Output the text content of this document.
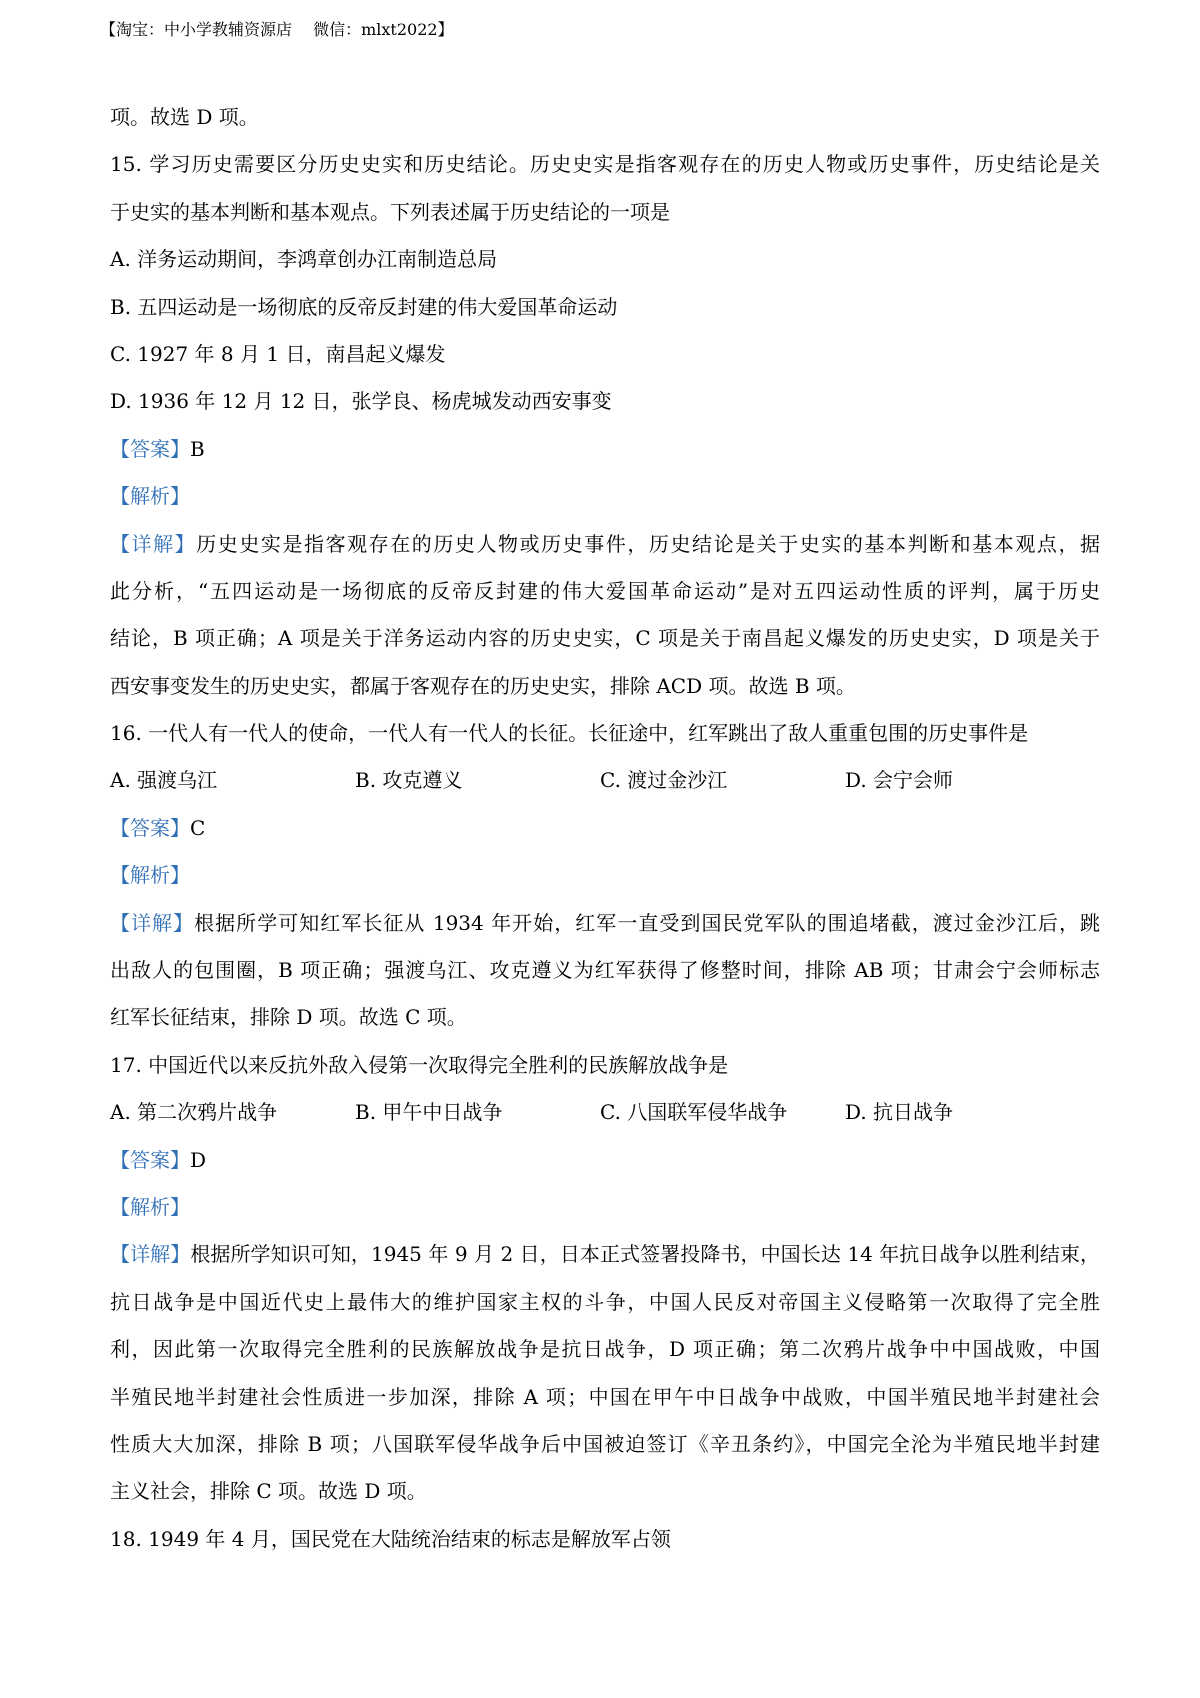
【淘宝：中小学教辅资源店　 微信：mlxt2022】
项。故选 D 项。
15. 学习历史需要区分历史史实和历史结论。历史史实是指客观存在的历史人物或历史事件，历史结论是关
于史实的基本判断和基本观点。下列表述属于历史结论的一项是
A. 洋务运动期间，李鸿章创办江南制造总局
B. 五四运动是一场彻底的反帝反封建的伟大爱国革命运动
C. 1927 年 8 月 1 日，南昌起义爆发
D. 1936 年 12 月 12 日，张学良、杨虎城发动西安事变
【答案】B
【解析】
【详解】历史史实是指客观存在的历史人物或历史事件，历史结论是关于史实的基本判断和基本观点，据
此分析，“五四运动是一场彻底的反帝反封建的伟大爱国革命运动”是对五四运动性质的评判，属于历史
结论，B 项正确；A 项是关于洋务运动内容的历史史实，C 项是关于南昌起义爆发的历史史实，D 项是关于
西安事变发生的历史史实，都属于客观存在的历史史实，排除 ACD 项。故选 B 项。
16. 一代人有一代人的使命，一代人有一代人的长征。长征途中，红军跳出了敌人重重包围的历史事件是
A. 强渡乌江	B. 攻克遵义	C. 渡过金沙江	D. 会宁会师
【答案】C
【解析】
【详解】根据所学可知红军长征从 1934 年开始，红军一直受到国民党军队的围追堵截，渡过金沙江后，跳
出敌人的包围圈，B 项正确；强渡乌江、攻克遵义为红军获得了修整时间，排除 AB 项；甘肃会宁会师标志
红军长征结束，排除 D 项。故选 C 项。
17. 中国近代以来反抗外敌入侵第一次取得完全胜利的民族解放战争是
A. 第二次鸦片战争	B. 甲午中日战争	C. 八国联军侵华战争	D. 抗日战争
【答案】D
【解析】
【详解】根据所学知识可知，1945 年 9 月 2 日，日本正式签署投降书，中国长达 14 年抗日战争以胜利结束，
抗日战争是中国近代史上最伟大的维护国家主权的斗争，中国人民反对帝国主义侵略第一次取得了完全胜
利，因此第一次取得完全胜利的民族解放战争是抗日战争，D 项正确；第二次鸦片战争中中国战败，中国
半殖民地半封建社会性质进一步加深，排除 A 项；中国在甲午中日战争中战败，中国半殖民地半封建社会
性质大大加深，排除 B 项；八国联军侵华战争后中国被迫签订《辛丑条约》，中国完全沦为半殖民地半封建
主义社会，排除 C 项。故选 D 项。
18. 1949 年 4 月，国民党在大陆统治结束的标志是解放军占领
